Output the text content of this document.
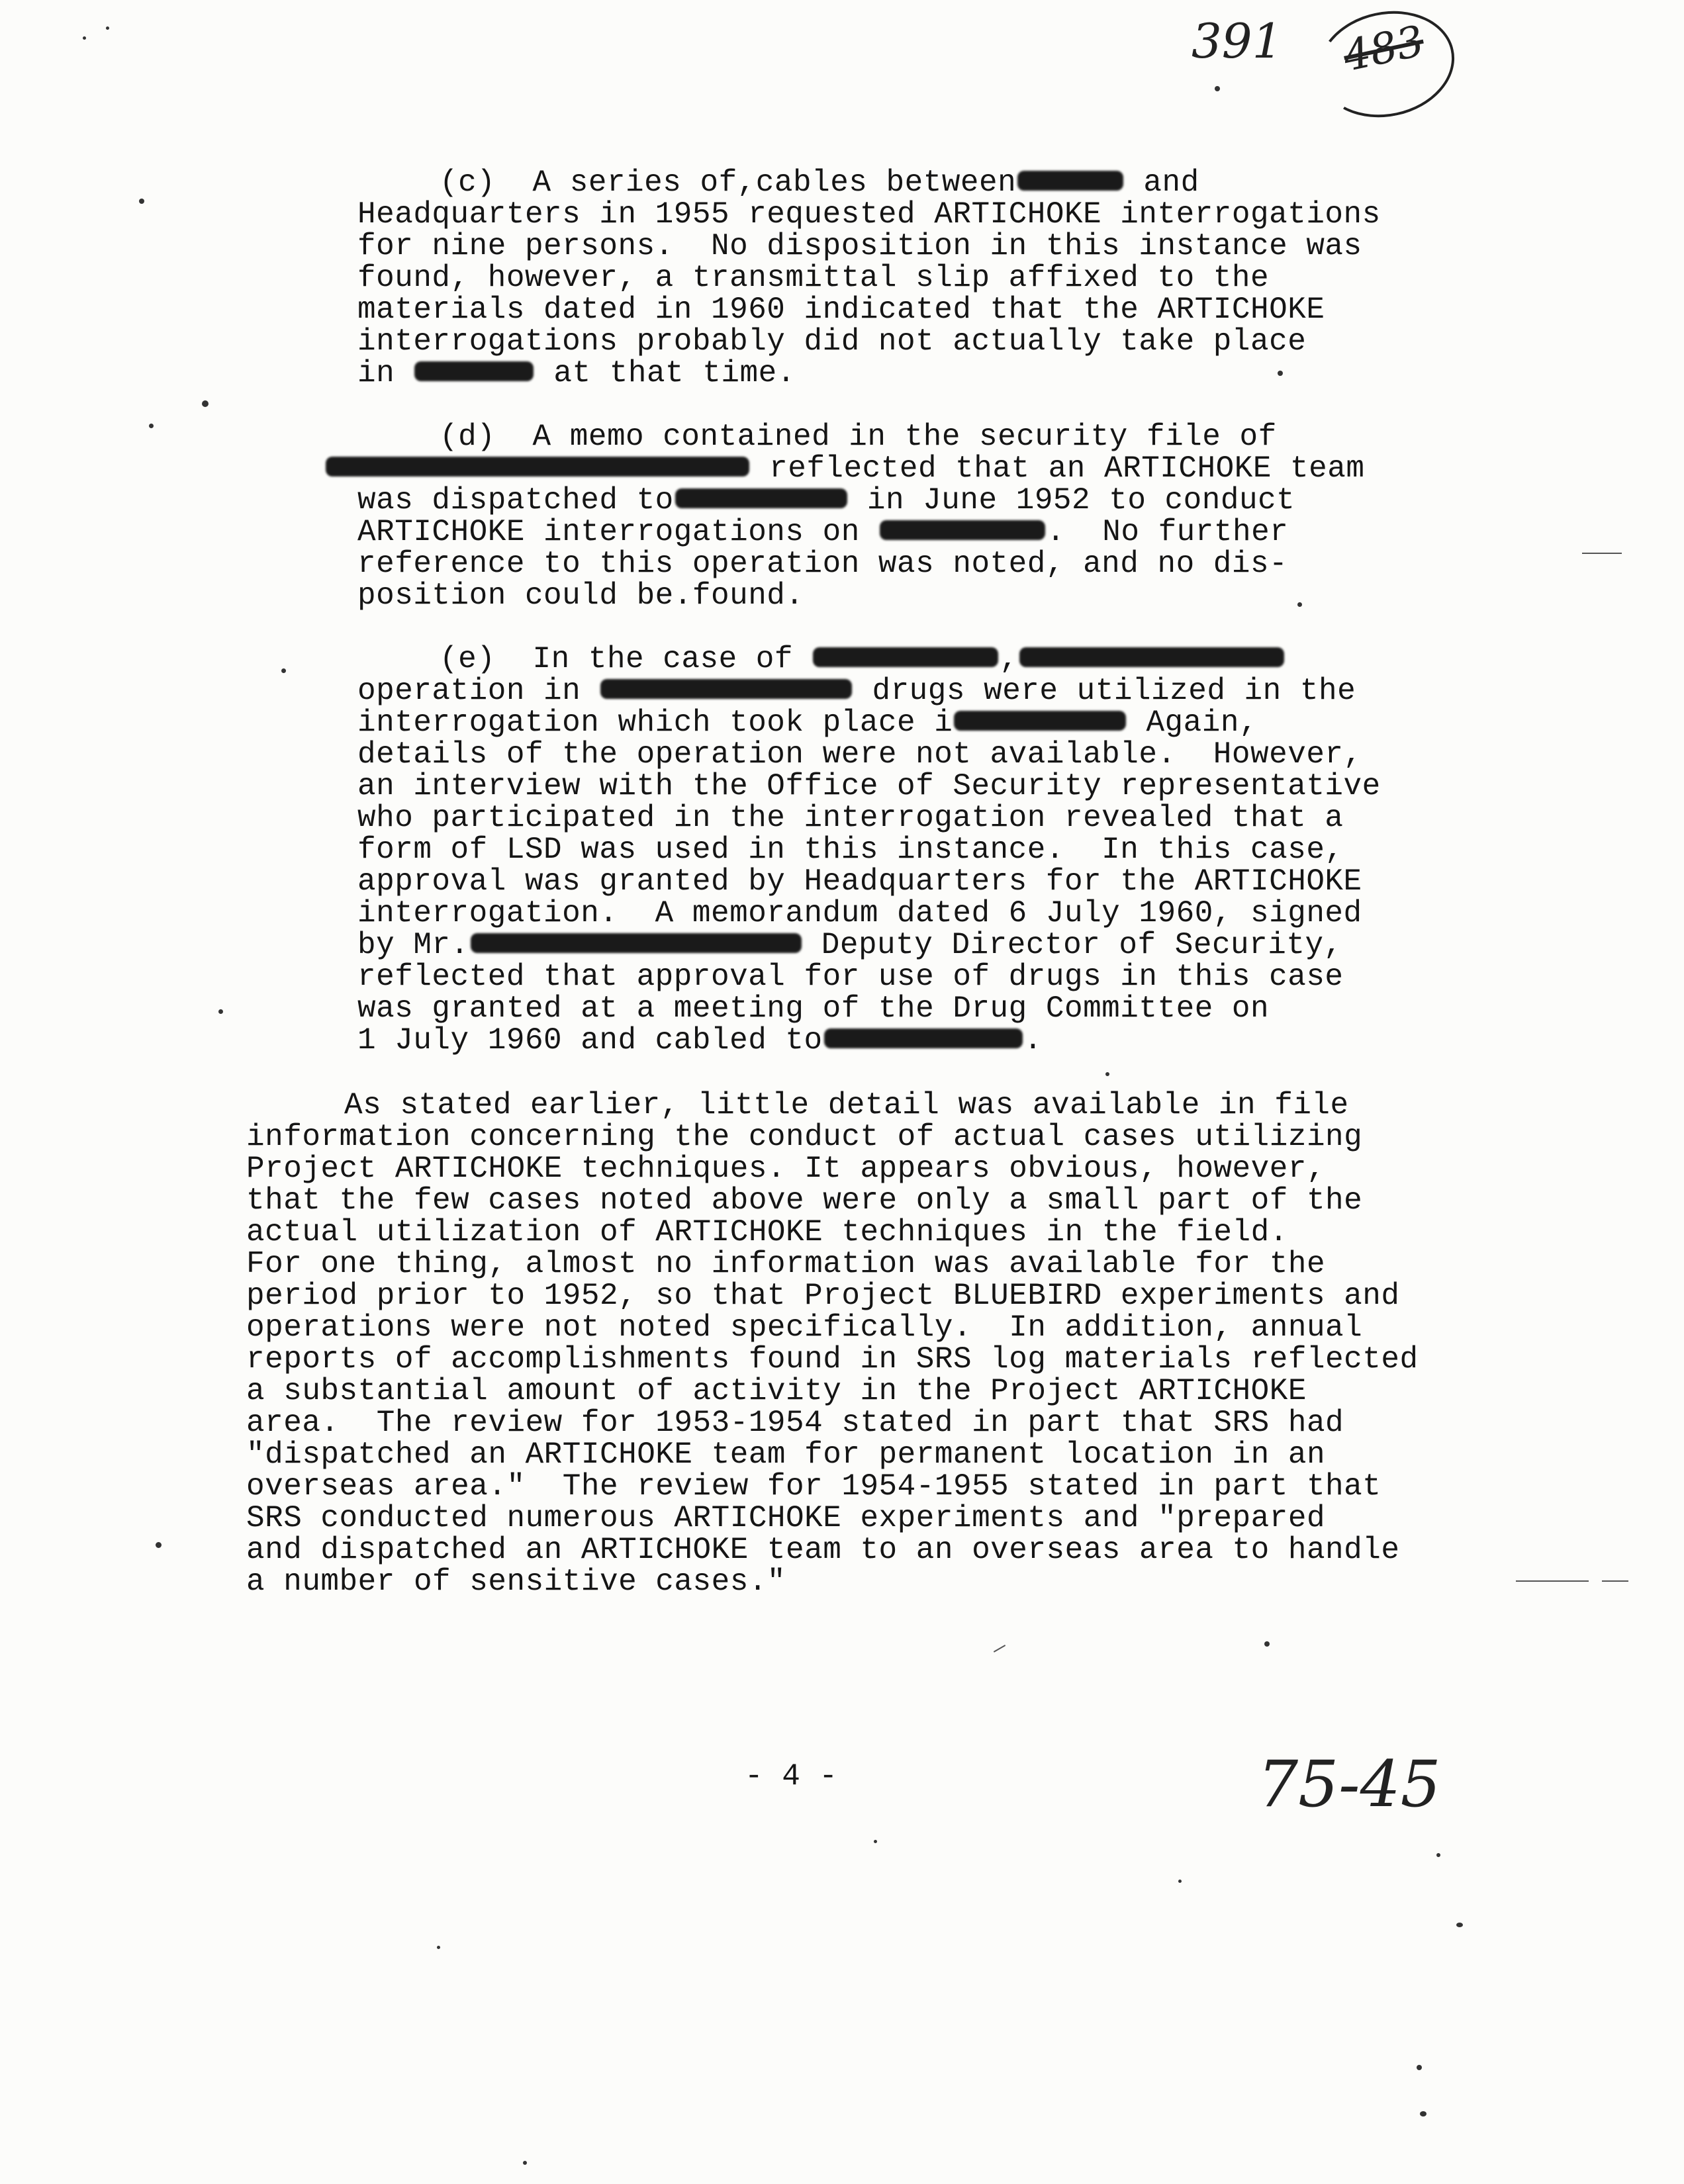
391 483
(c)  A series of,cables between	and
Headquarters in 1955 requested ARTICHOKE interrogations
for nine persons.  No disposition in this instance was
found, however, a transmittal slip affixed to the
materials dated in 1960 indicated that the ARTICHOKE
interrogations probably did not actually take place
in	at that time.
(d)  A memo contained in the security file of
reflected that an ARTICHOKE team
was dispatched to	in June 1952 to conduct
ARTICHOKE interrogations on	.  No further
reference to this operation was noted, and no dis-
position could be.found.
(e)  In the case of	,
operation in	drugs were utilized in the
interrogation which took place i	Again,
details of the operation were not available.  However,
an interview with the Office of Security representative
who participated in the interrogation revealed that a
form of LSD was used in this instance.  In this case,
approval was granted by Headquarters for the ARTICHOKE
interrogation.  A memorandum dated 6 July 1960, signed
by Mr.	Deputy Director of Security,
reflected that approval for use of drugs in this case
was granted at a meeting of the Drug Committee on
1 July 1960 and cabled to	.
As stated earlier, little detail was available in file
information concerning the conduct of actual cases utilizing
Project ARTICHOKE techniques. It appears obvious, however,
that the few cases noted above were only a small part of the
actual utilization of ARTICHOKE techniques in the field.
For one thing, almost no information was available for the
period prior to 1952, so that Project BLUEBIRD experiments and
operations were not noted specifically.  In addition, annual
reports of accomplishments found in SRS log materials reflected
a substantial amount of activity in the Project ARTICHOKE
area.  The review for 1953-1954 stated in part that SRS had
"dispatched an ARTICHOKE team for permanent location in an
overseas area."  The review for 1954-1955 stated in part that
SRS conducted numerous ARTICHOKE experiments and "prepared
and dispatched an ARTICHOKE team to an overseas area to handle
a number of sensitive cases."
- 4 -	75-45
